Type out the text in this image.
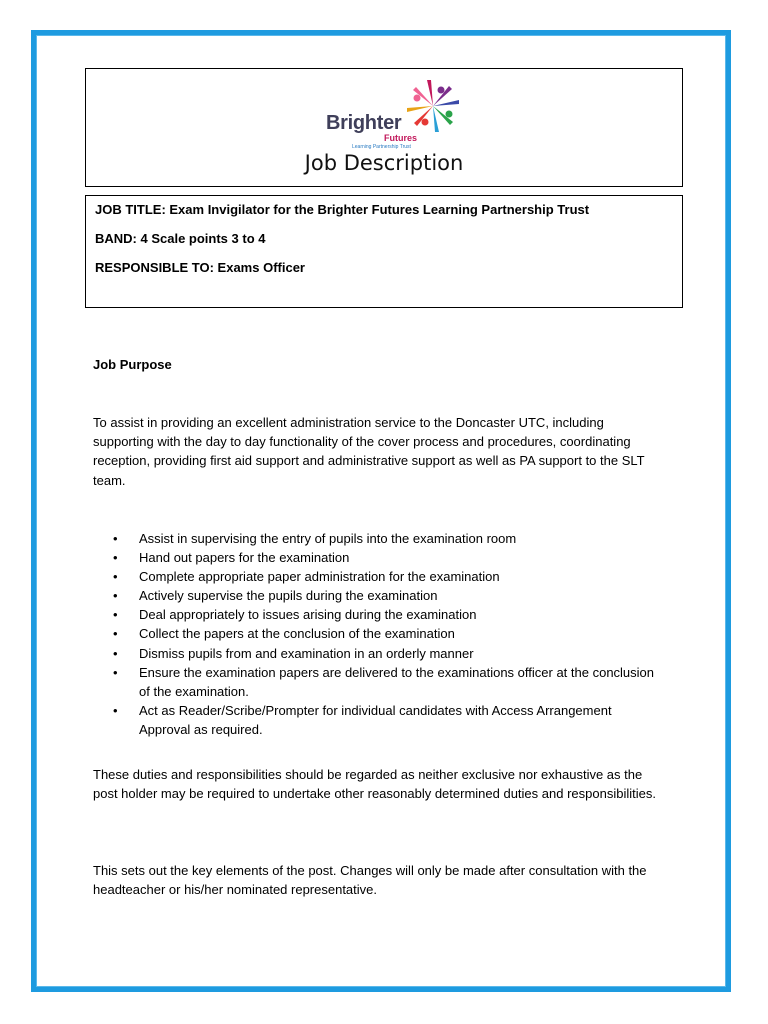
Brighter
Futures
Learning Partnership Trust
Job Description
JOB TITLE: Exam Invigilator for the Brighter Futures Learning Partnership Trust
BAND: 4 Scale points 3 to 4
RESPONSIBLE TO: Exams Officer
Job Purpose
To assist in providing an excellent administration service to the Doncaster UTC, including supporting with the day to day functionality of the cover process and procedures, coordinating reception, providing first aid support and administrative support as well as PA support to the SLT team.
• Assist in supervising the entry of pupils into the examination room
• Hand out papers for the examination
• Complete appropriate paper administration for the examination
• Actively supervise the pupils during the examination
• Deal appropriately to issues arising during the examination
• Collect the papers at the conclusion of the examination
• Dismiss pupils from and examination in an orderly manner
• Ensure the examination papers are delivered to the examinations officer at the conclusion of the examination.
• Act as Reader/Scribe/Prompter for individual candidates with Access Arrangement Approval as required.
These duties and responsibilities should be regarded as neither exclusive nor exhaustive as the post holder may be required to undertake other reasonably determined duties and responsibilities.
This sets out the key elements of the post. Changes will only be made after consultation with the headteacher or his/her nominated representative.
